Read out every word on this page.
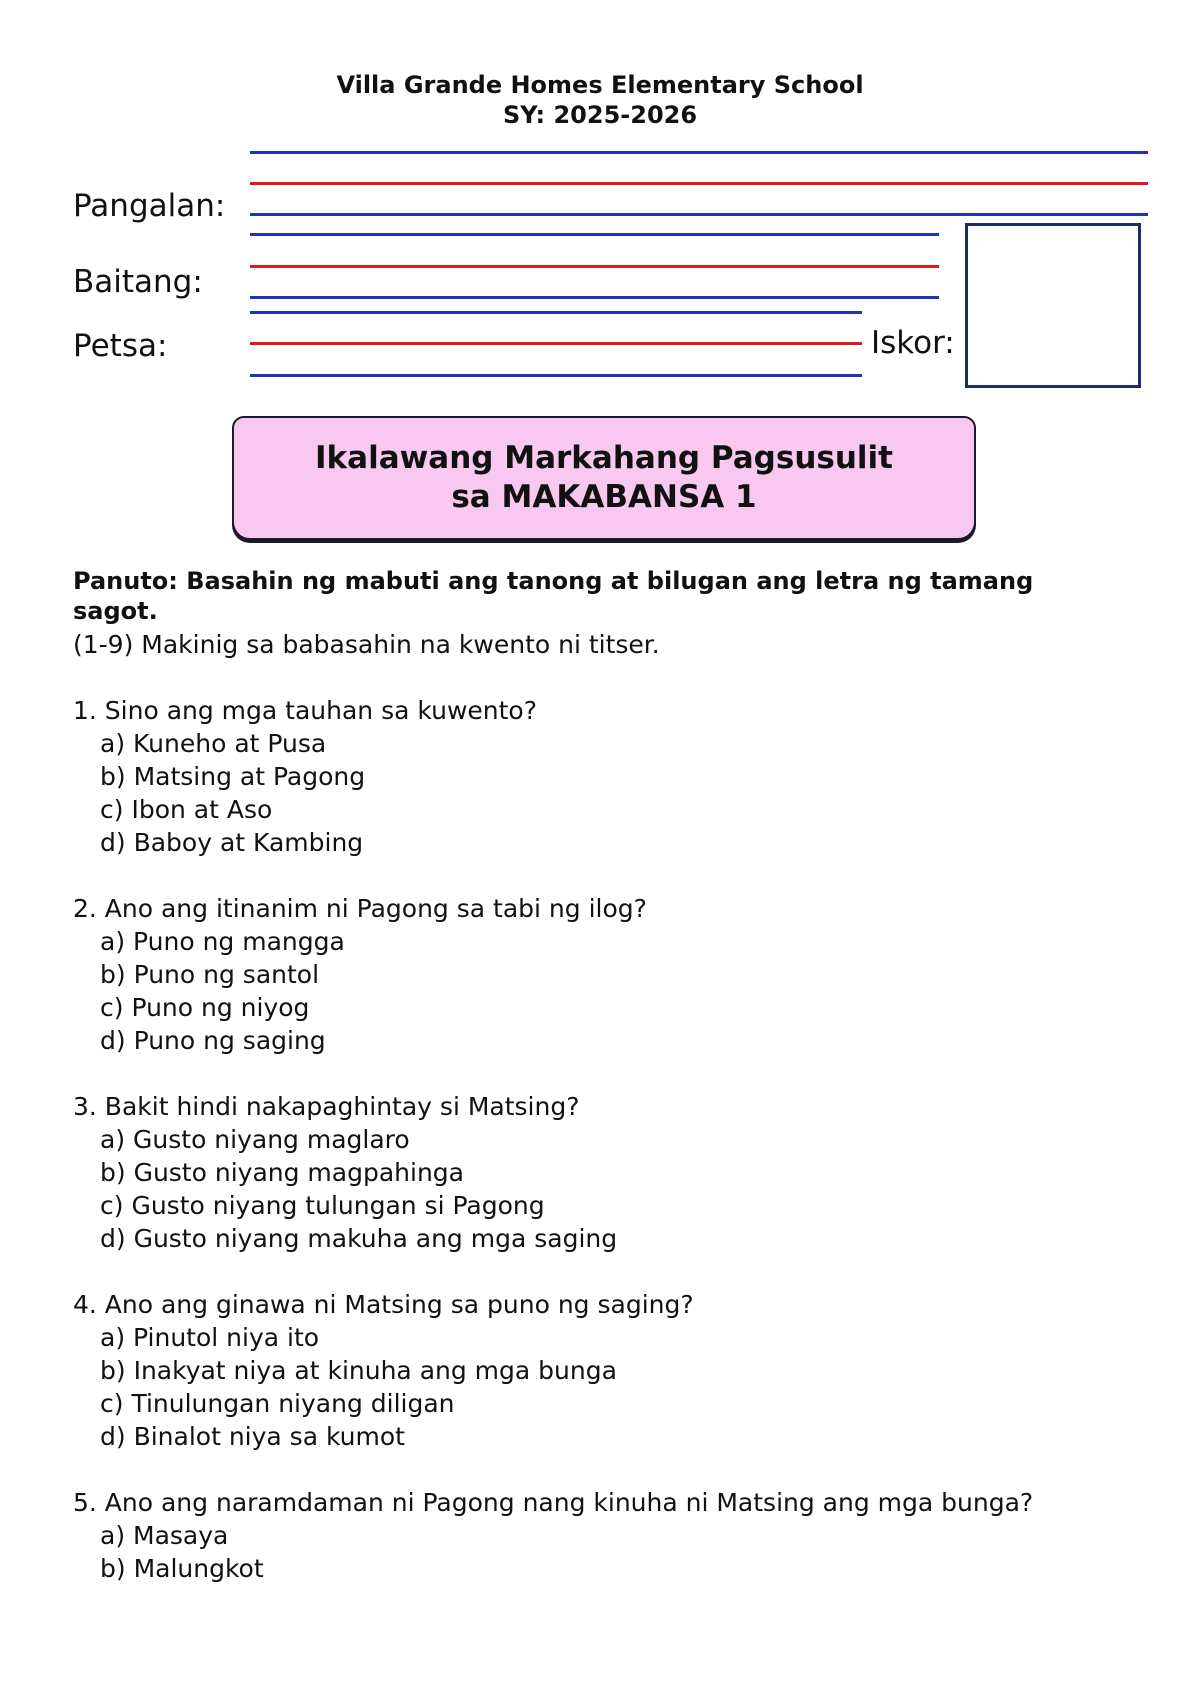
Villa Grande Homes Elementary School
SY: 2025-2026
Pangalan:
Baitang:
Petsa:	Iskor:
Ikalawang Markahang Pagsusulit
sa MAKABANSA 1
Panuto: Basahin ng mabuti ang tanong at bilugan ang letra ng tamang sagot.
(1-9) Makinig sa babasahin na kwento ni titser.
1. Sino ang mga tauhan sa kuwento?
a) Kuneho at Pusa
b) Matsing at Pagong
c) Ibon at Aso
d) Baboy at Kambing
2. Ano ang itinanim ni Pagong sa tabi ng ilog?
a) Puno ng mangga
b) Puno ng santol
c) Puno ng niyog
d) Puno ng saging
3. Bakit hindi nakapaghintay si Matsing?
a) Gusto niyang maglaro
b) Gusto niyang magpahinga
c) Gusto niyang tulungan si Pagong
d) Gusto niyang makuha ang mga saging
4. Ano ang ginawa ni Matsing sa puno ng saging?
a) Pinutol niya ito
b) Inakyat niya at kinuha ang mga bunga
c) Tinulungan niyang diligan
d) Binalot niya sa kumot
5. Ano ang naramdaman ni Pagong nang kinuha ni Matsing ang mga bunga?
a) Masaya
b) Malungkot
